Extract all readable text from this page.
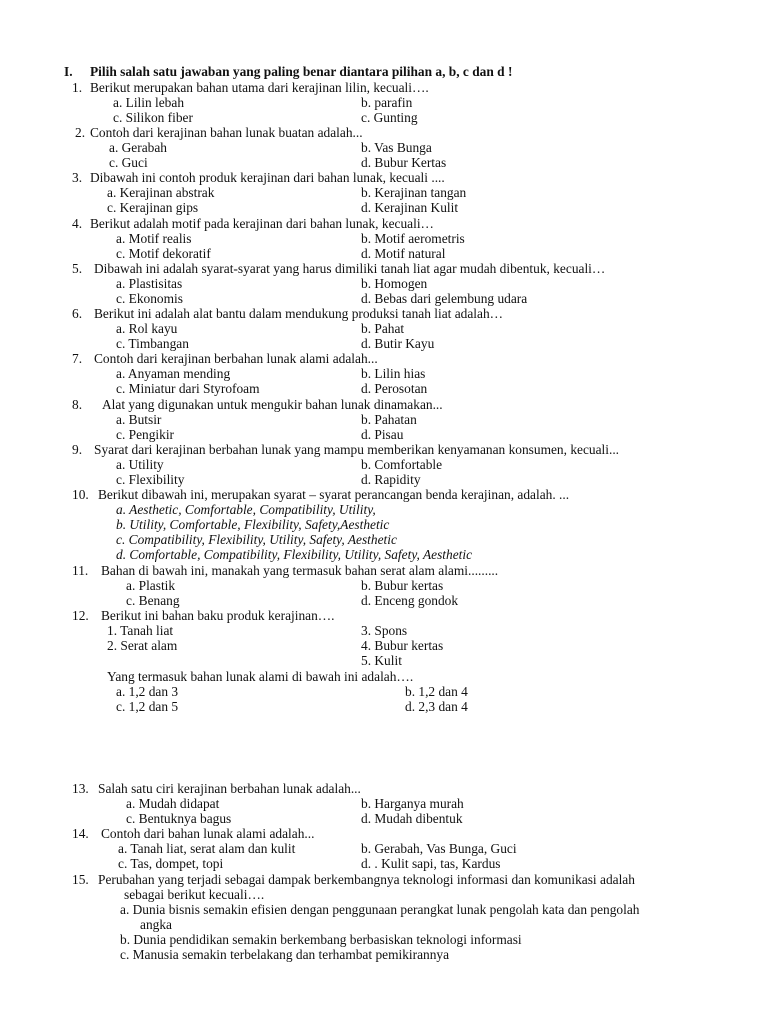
I. Pilih salah satu jawaban yang paling benar diantara pilihan a, b, c dan d !
1. Berikut merupakan bahan utama dari kerajinan lilin, kecuali….
a. Lilin lebah	b. parafin
c. Silikon fiber	c. Gunting
2. Contoh dari kerajinan bahan lunak buatan adalah...
a. Gerabah	b. Vas Bunga
c. Guci	d. Bubur Kertas
3. Dibawah ini contoh produk kerajinan dari bahan lunak, kecuali ....
a. Kerajinan abstrak	b. Kerajinan tangan
c. Kerajinan gips	d. Kerajinan Kulit
4. Berikut adalah motif pada kerajinan dari bahan lunak, kecuali…
a. Motif realis	b. Motif aerometris
c. Motif dekoratif	d. Motif natural
5. Dibawah ini adalah syarat-syarat yang harus dimiliki tanah liat agar mudah dibentuk, kecuali…
a. Plastisitas	b. Homogen
c. Ekonomis	d. Bebas dari gelembung udara
6. Berikut ini adalah alat bantu dalam mendukung produksi tanah liat adalah…
a. Rol kayu	b. Pahat
c. Timbangan	d. Butir Kayu
7. Contoh dari kerajinan berbahan lunak alami adalah...
a. Anyaman mending	b. Lilin hias
c. Miniatur dari Styrofoam	d. Perosotan
8. Alat yang digunakan untuk mengukir bahan lunak dinamakan...
a. Butsir	b. Pahatan
c. Pengikir	d. Pisau
9. Syarat dari kerajinan berbahan lunak yang mampu memberikan kenyamanan konsumen, kecuali...
a. Utility	b. Comfortable
c. Flexibility	d. Rapidity
10. Berikut dibawah ini, merupakan syarat – syarat perancangan benda kerajinan, adalah. ...
a. Aesthetic, Comfortable, Compatibility, Utility,
b. Utility, Comfortable, Flexibility, Safety,Aesthetic
c. Compatibility, Flexibility, Utility, Safety, Aesthetic
d. Comfortable, Compatibility, Flexibility, Utility, Safety, Aesthetic
11. Bahan di bawah ini, manakah yang termasuk bahan serat alam alami.........
a. Plastik	b. Bubur kertas
c. Benang	d. Enceng gondok
12. Berikut ini bahan baku produk kerajinan….
1. Tanah liat	3. Spons
2. Serat alam	4. Bubur kertas
5. Kulit
Yang termasuk bahan lunak alami di bawah ini adalah….
a. 1,2 dan 3	b. 1,2 dan 4
c. 1,2 dan 5	d. 2,3 dan 4
13. Salah satu ciri kerajinan berbahan lunak adalah...
a. Mudah didapat	b. Harganya murah
c. Bentuknya bagus	d. Mudah dibentuk
14. Contoh dari bahan lunak alami adalah...
a. Tanah liat, serat alam dan kulit	b. Gerabah, Vas Bunga, Guci
c. Tas, dompet, topi	d. . Kulit sapi, tas, Kardus
15. Perubahan yang terjadi sebagai dampak berkembangnya teknologi informasi dan komunikasi adalah
sebagai berikut kecuali….
a. Dunia bisnis semakin efisien dengan penggunaan perangkat lunak pengolah kata dan pengolah
angka
b. Dunia pendidikan semakin berkembang berbasiskan teknologi informasi
c. Manusia semakin terbelakang dan terhambat pemikirannya
